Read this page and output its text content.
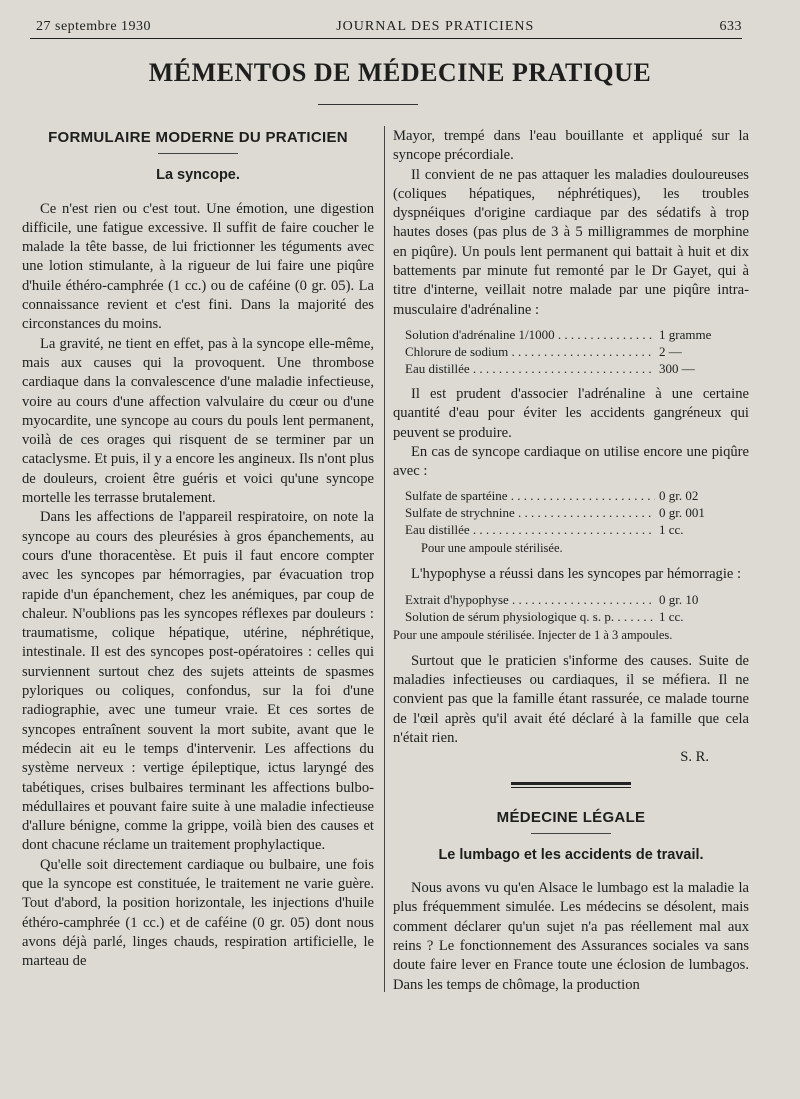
27 septembre 1930	JOURNAL DES PRATICIENS	633
MÉMENTOS DE MÉDECINE PRATIQUE

FORMULAIRE MODERNE DU PRATICIEN

La syncope.

Ce n'est rien ou c'est tout. Une émotion, une digestion difficile, une fatigue excessive. Il suffit de faire coucher le malade la tête basse, de lui frictionner les téguments avec une lotion stimulante, à la rigueur de lui faire une piqûre d'huile éthéro-camphrée (1 cc.) ou de caféine (0 gr. 05). La connaissance revient et c'est fini. Dans la majorité des circonstances du moins.

La gravité, ne tient en effet, pas à la syncope elle-même, mais aux causes qui la provoquent. Une thrombose cardiaque dans la convalescence d'une maladie infectieuse, voire au cours d'une affection valvulaire du cœur ou d'une myocardite, une syncope au cours du pouls lent permanent, voilà de ces orages qui risquent de se terminer par un cataclysme. Et puis, il y a encore les angineux. Ils n'ont plus de douleurs, croient être guéris et voici qu'une syncope mortelle les terrasse brutalement.

Dans les affections de l'appareil respiratoire, on note la syncope au cours des pleurésies à gros épanchements, au cours d'une thoracentèse. Et puis il faut encore compter avec les syncopes par hémorragies, par évacuation trop rapide d'un épanchement, chez les anémiques, par coup de chaleur. N'oublions pas les syncopes réflexes par douleurs : traumatisme, colique hépatique, utérine, néphrétique, intestinale. Il est des syncopes post-opératoires : celles qui surviennent surtout chez des sujets atteints de spasmes pyloriques ou coliques, confondus, sur la foi d'une radiographie, avec une tumeur vraie. Et ces sortes de syncopes entraînent souvent la mort subite, avant que le médecin ait eu le temps d'intervenir. Les affections du système nerveux : vertige épileptique, ictus laryngé des tabétiques, crises bulbaires terminant les affections bulbo-médullaires et pouvant faire suite à une maladie infectieuse d'allure bénigne, comme la grippe, voilà bien des causes et dont chacune réclame un traitement prophylactique.

Qu'elle soit directement cardiaque ou bulbaire, une fois que la syncope est constituée, le traitement ne varie guère. Tout d'abord, la position horizontale, les injections d'huile éthéro-camphrée (1 cc.) et de caféine (0 gr. 05) dont nous avons déjà parlé, linges chauds, respiration artificielle, le marteau de

Mayor, trempé dans l'eau bouillante et appliqué sur la syncope précordiale.

Il convient de ne pas attaquer les maladies douloureuses (coliques hépatiques, néphrétiques), les troubles dyspnéiques d'origine cardiaque par des sédatifs à trop hautes doses (pas plus de 3 à 5 milligrammes de morphine en piqûre). Un pouls lent permanent qui battait à huit et dix battements par minute fut remonté par le Dr Gayet, qui à titre d'interne, veillait notre malade par une piqûre intra-musculaire d'adrénaline :

Solution d'adrénaline 1/1000 . . .	1 gramme
Chlorure de sodium . . .	2 —
Eau distillée . . .	300 —

Il est prudent d'associer l'adrénaline à une certaine quantité d'eau pour éviter les accidents gangréneux qui peuvent se produire.

En cas de syncope cardiaque on utilise encore une piqûre avec :

Sulfate de spartéine . . .	0 gr. 02
Sulfate de strychnine . . .	0 gr. 001
Eau distillée . . .	1 cc.
Pour une ampoule stérilisée.

L'hypophyse a réussi dans les syncopes par hémorragie :

Extrait d'hypophyse . . .	0 gr. 10
Solution de sérum physiologique q. s. p. . . .	1 cc.
Pour une ampoule stérilisée. Injecter de 1 à 3 ampoules.

Surtout que le praticien s'informe des causes. Suite de maladies infectieuses ou cardiaques, il se méfiera. Il ne convient pas que la famille étant rassurée, ce malade tourne de l'œil après qu'il avait été déclaré à la famille que cela n'était rien.

S. R.

MÉDECINE LÉGALE

Le lumbago et les accidents de travail.

Nous avons vu qu'en Alsace le lumbago est la maladie la plus fréquemment simulée. Les médecins se désolent, mais comment déclarer qu'un sujet n'a pas réellement mal aux reins ? Le fonctionnement des Assurances sociales va sans doute faire lever en France toute une éclosion de lumbagos. Dans les temps de chômage, la production
